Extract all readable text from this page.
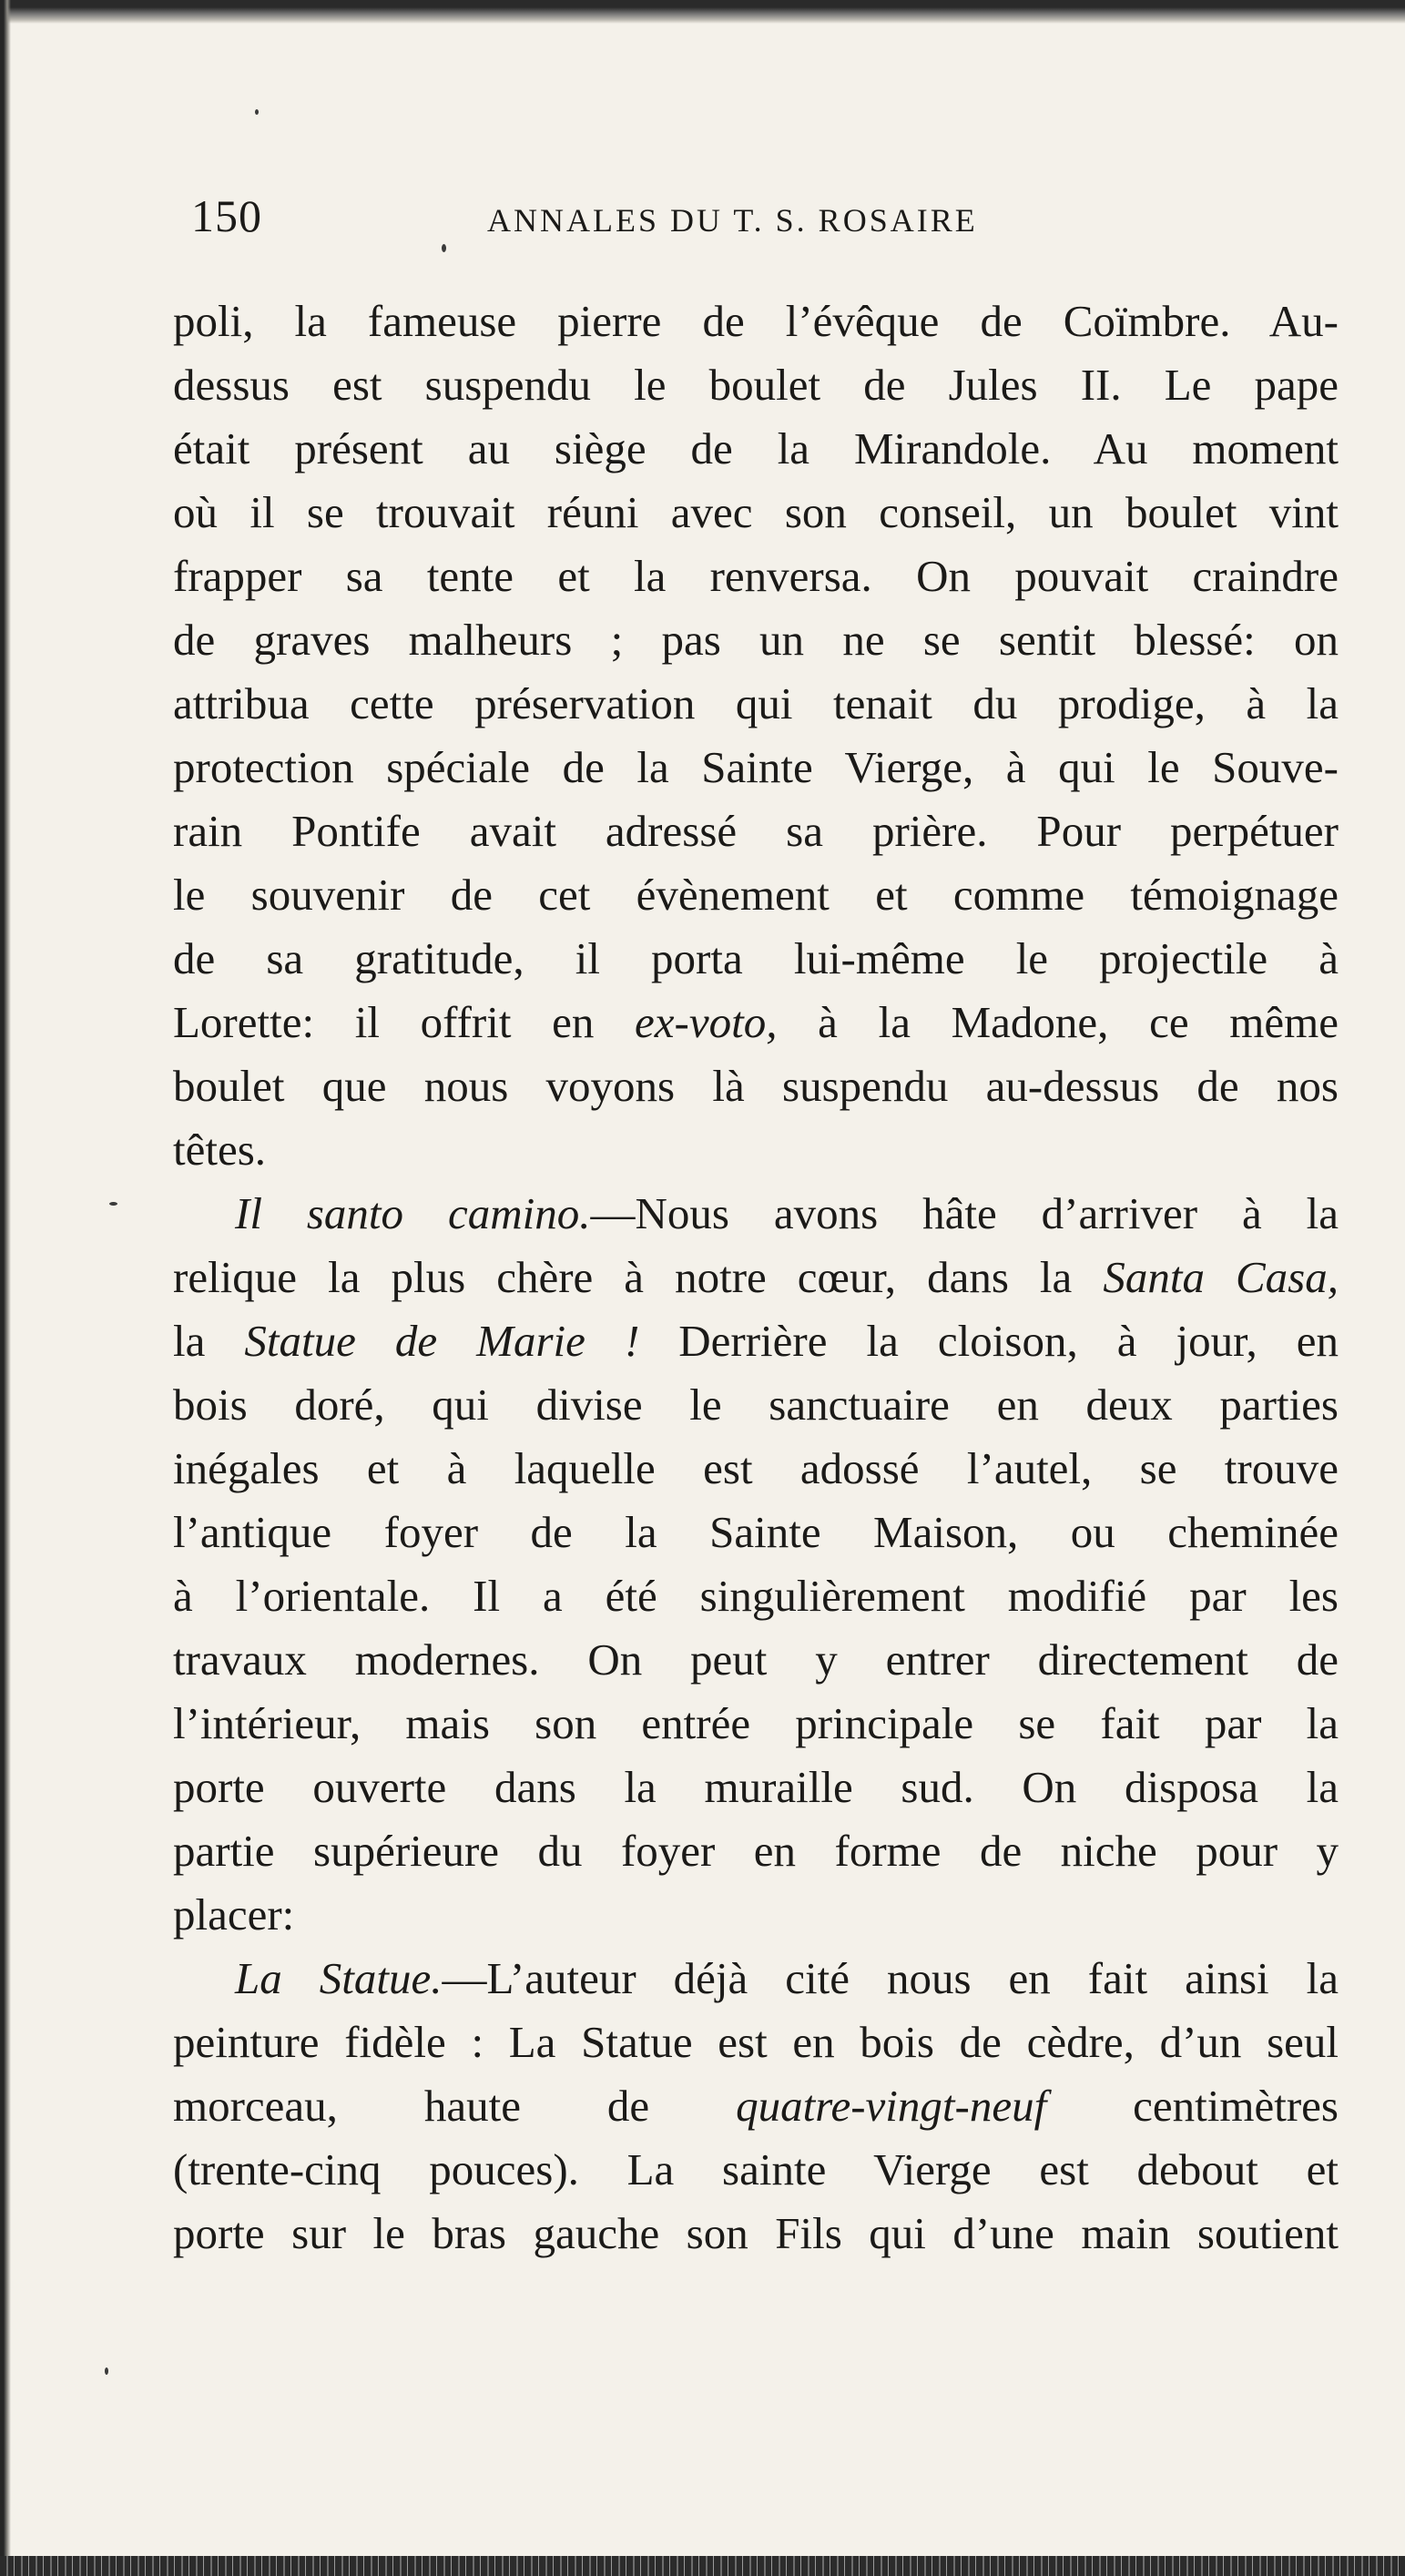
150	ANNALES DU T. S. ROSAIRE
poli, la fameuse pierre de l’évêque de Coïmbre. Au-
dessus est suspendu le boulet de Jules II. Le pape
était présent au siège de la Mirandole. Au moment
où il se trouvait réuni avec son conseil, un boulet vint
frapper sa tente et la renversa. On pouvait craindre
de graves malheurs ; pas un ne se sentit blessé: on
attribua cette préservation qui tenait du prodige, à la
protection spéciale de la Sainte Vierge, à qui le Souve-
rain Pontife avait adressé sa prière. Pour perpétuer
le souvenir de cet évènement et comme témoignage
de sa gratitude, il porta lui-même le projectile à
Lorette: il offrit en ex-voto, à la Madone, ce même
boulet que nous voyons là suspendu au-dessus de nos
têtes.
Il santo camino.—Nous avons hâte d’arriver à la
relique la plus chère à notre cœur, dans la Santa Casa,
la Statue de Marie ! Derrière la cloison, à jour, en
bois doré, qui divise le sanctuaire en deux parties
inégales et à laquelle est adossé l’autel, se trouve
l’antique foyer de la Sainte Maison, ou cheminée
à l’orientale. Il a été singulièrement modifié par les
travaux modernes. On peut y entrer directement de
l’intérieur, mais son entrée principale se fait par la
porte ouverte dans la muraille sud. On disposa la
partie supérieure du foyer en forme de niche pour y
placer:
La Statue.—L’auteur déjà cité nous en fait ainsi la
peinture fidèle : La Statue est en bois de cèdre, d’un seul
morceau, haute de quatre-vingt-neuf centimètres
(trente-cinq pouces). La sainte Vierge est debout et
porte sur le bras gauche son Fils qui d’une main soutient
